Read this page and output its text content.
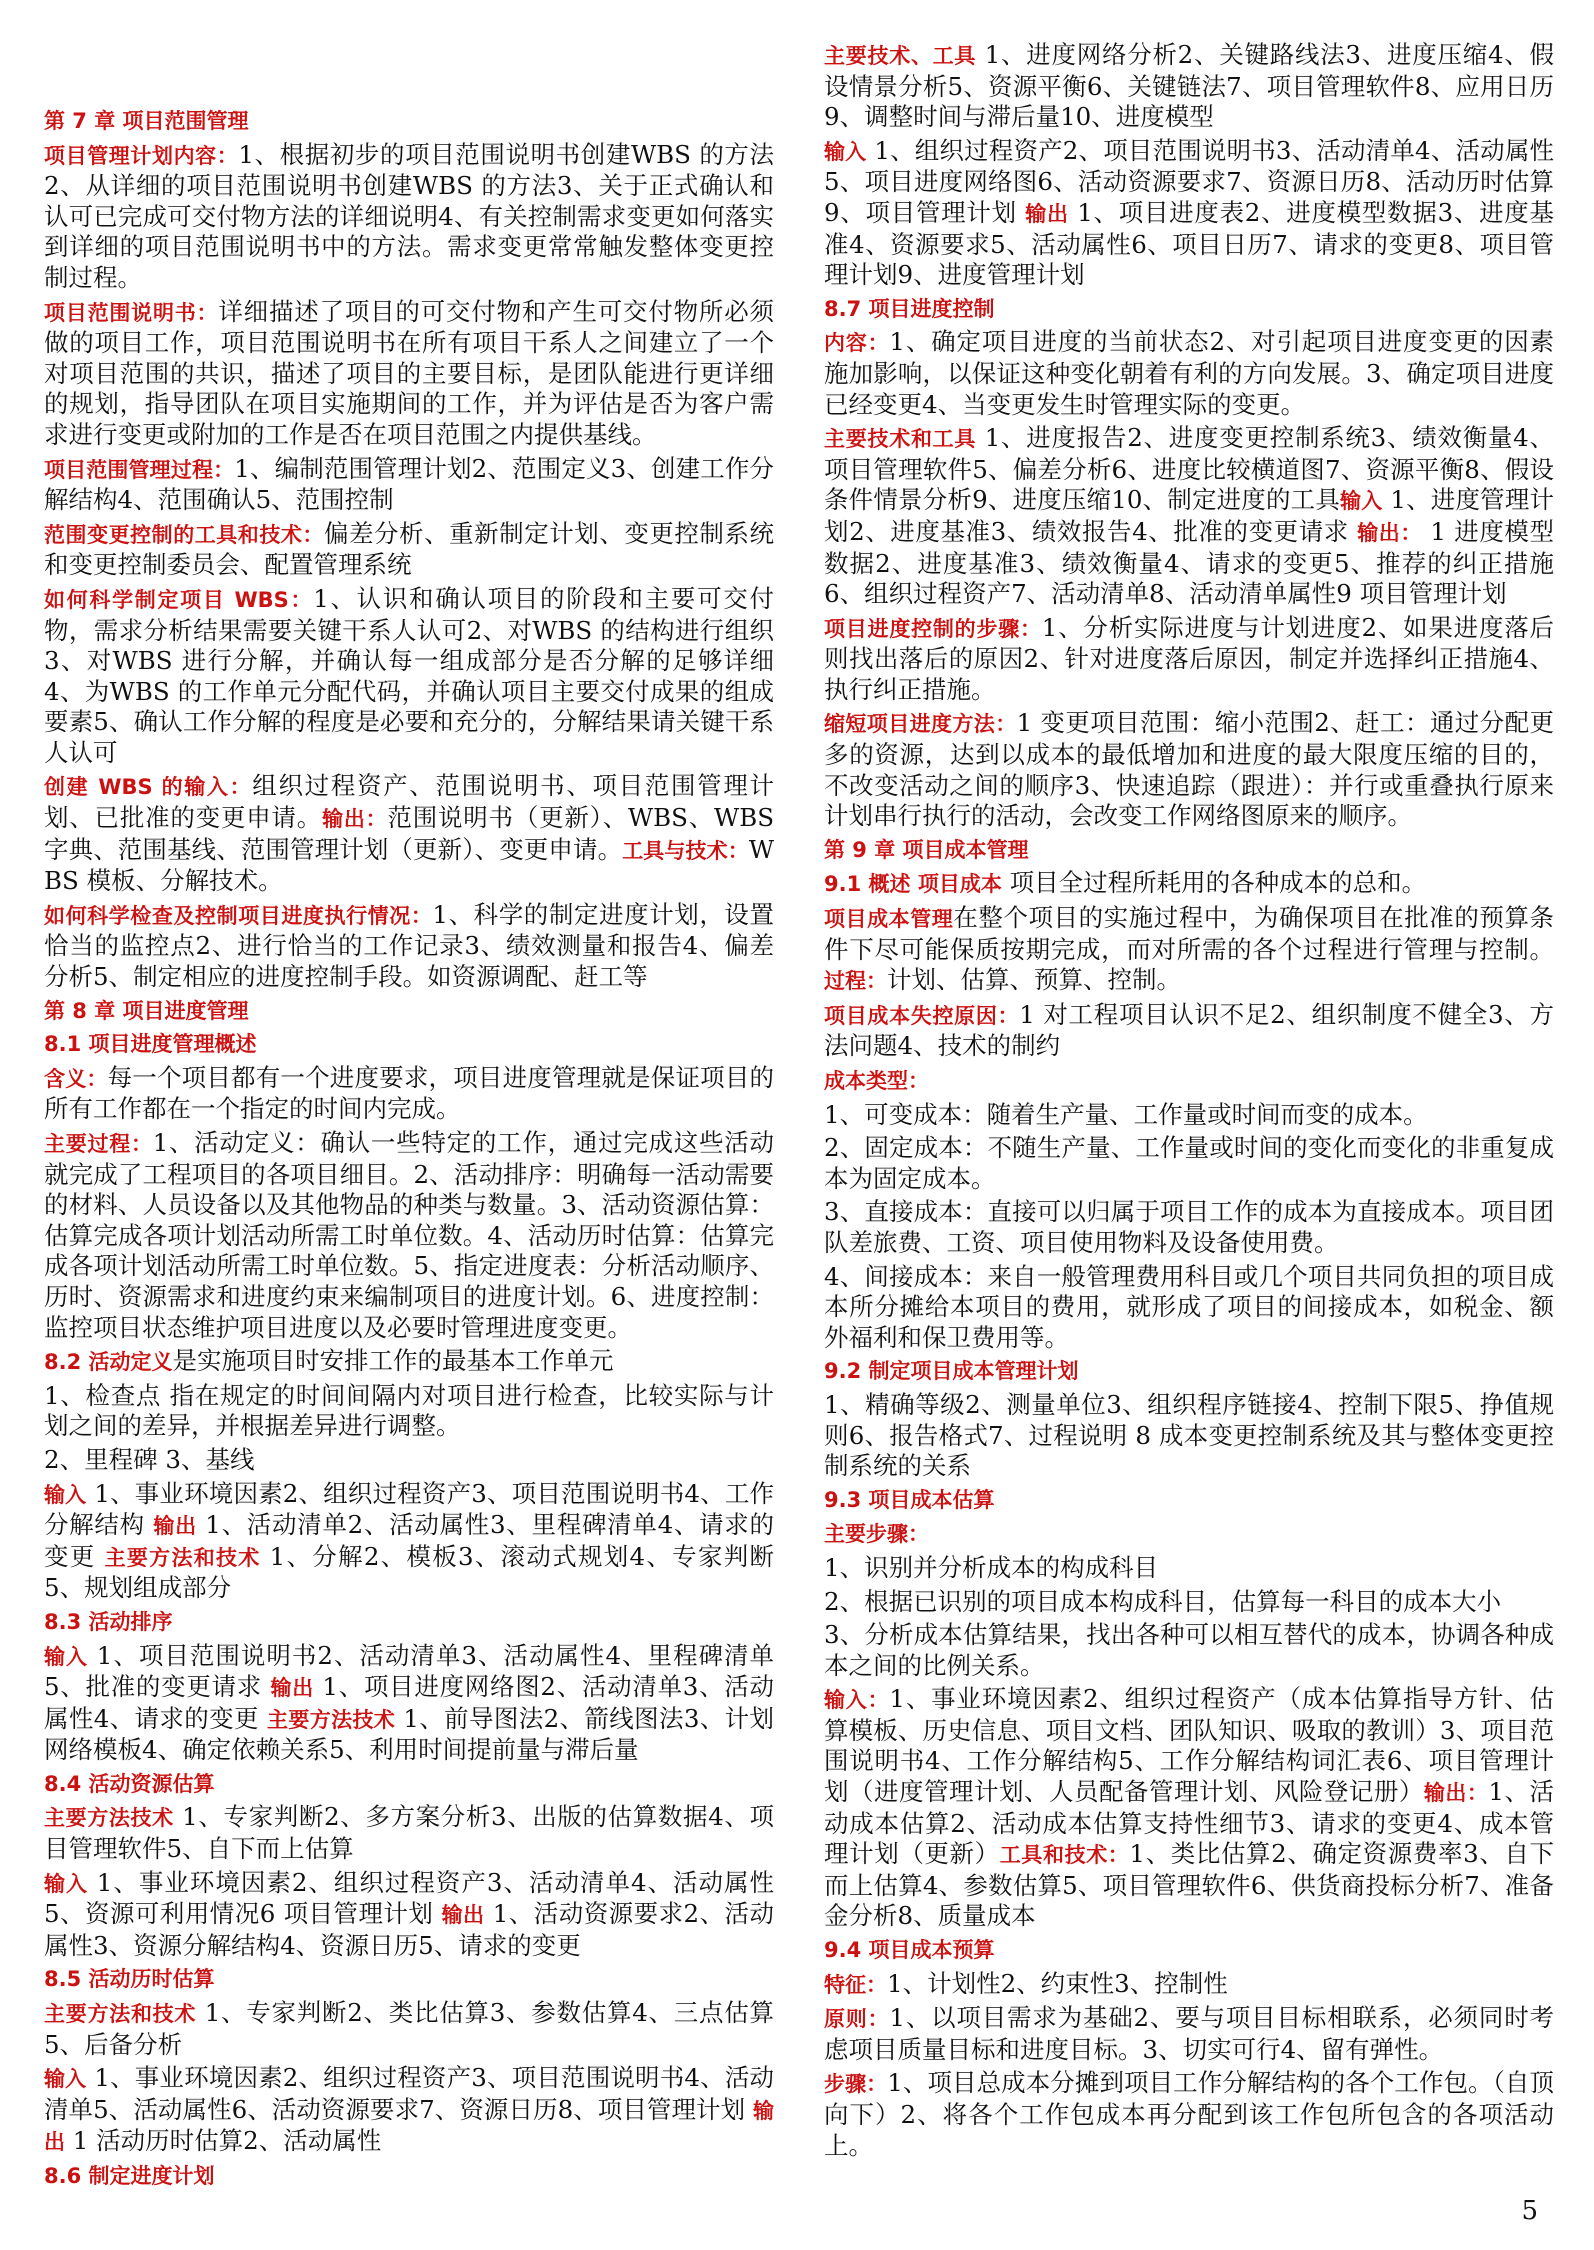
第 7 章 项目范围管理
项目管理计划内容：1、根据初步的项目范围说明书创建WBS 的方法2、从详细的项目范围说明书创建WBS 的方法3、关于正式确认和认可已完成可交付物方法的详细说明4、有关控制需求变更如何落实到详细的项目范围说明书中的方法。需求变更常常触发整体变更控制过程。
项目范围说明书：详细描述了项目的可交付物和产生可交付物所必须做的项目工作，项目范围说明书在所有项目干系人之间建立了一个对项目范围的共识，描述了项目的主要目标，是团队能进行更详细的规划，指导团队在项目实施期间的工作，并为评估是否为客户需求进行变更或附加的工作是否在项目范围之内提供基线。
项目范围管理过程：1、编制范围管理计划2、范围定义3、创建工作分解结构4、范围确认5、范围控制
范围变更控制的工具和技术：偏差分析、重新制定计划、变更控制系统和变更控制委员会、配置管理系统
如何科学制定项目 WBS：1、认识和确认项目的阶段和主要可交付物，需求分析结果需要关键干系人认可2、对WBS 的结构进行组织3、对WBS 进行分解，并确认每一组成部分是否分解的足够详细4、为WBS 的工作单元分配代码，并确认项目主要交付成果的组成要素5、确认工作分解的程度是必要和充分的，分解结果请关键干系人认可
创建 WBS 的输入：组织过程资产、范围说明书、项目范围管理计划、已批准的变更申请。输出：范围说明书（更新）、WBS、WBS 字典、范围基线、范围管理计划（更新）、变更申请。工具与技术：WBS 模板、分解技术。
如何科学检查及控制项目进度执行情况：1、科学的制定进度计划，设置恰当的监控点2、进行恰当的工作记录3、绩效测量和报告4、偏差分析5、制定相应的进度控制手段。如资源调配、赶工等
第 8 章 项目进度管理
8.1 项目进度管理概述
含义：每一个项目都有一个进度要求，项目进度管理就是保证项目的所有工作都在一个指定的时间内完成。
主要过程：1、活动定义：确认一些特定的工作，通过完成这些活动就完成了工程项目的各项目细目。2、活动排序：明确每一活动需要的材料、人员设备以及其他物品的种类与数量。3、活动资源估算：估算完成各项计划活动所需工时单位数。4、活动历时估算：估算完成各项计划活动所需工时单位数。5、指定进度表：分析活动顺序、历时、资源需求和进度约束来编制项目的进度计划。6、进度控制：监控项目状态维护项目进度以及必要时管理进度变更。
8.2 活动定义是实施项目时安排工作的最基本工作单元
1、检查点 指在规定的时间间隔内对项目进行检查，比较实际与计划之间的差异，并根据差异进行调整。
2、里程碑 3、基线
输入 1、事业环境因素2、组织过程资产3、项目范围说明书4、工作分解结构 输出 1、活动清单2、活动属性3、里程碑清单4、请求的变更 主要方法和技术 1、分解2、模板3、滚动式规划4、专家判断5、规划组成部分
8.3 活动排序
输入 1、项目范围说明书2、活动清单3、活动属性4、里程碑清单5、批准的变更请求 输出 1、项目进度网络图2、活动清单3、活动属性4、请求的变更 主要方法技术 1、前导图法2、箭线图法3、计划网络模板4、确定依赖关系5、利用时间提前量与滞后量
8.4 活动资源估算
主要方法技术 1、专家判断2、多方案分析3、出版的估算数据4、项目管理软件5、自下而上估算
输入 1、事业环境因素2、组织过程资产3、活动清单4、活动属性5、资源可利用情况6 项目管理计划 输出 1、活动资源要求2、活动属性3、资源分解结构4、资源日历5、请求的变更
8.5 活动历时估算
主要方法和技术 1、专家判断2、类比估算3、参数估算4、三点估算5、后备分析
输入 1、事业环境因素2、组织过程资产3、项目范围说明书4、活动清单5、活动属性6、活动资源要求7、资源日历8、项目管理计划 输出 1 活动历时估算2、活动属性
8.6 制定进度计划
主要技术、工具 1、进度网络分析2、关键路线法3、进度压缩4、假设情景分析5、资源平衡6、关键链法7、项目管理软件8、应用日历9、调整时间与滞后量10、进度模型
输入 1、组织过程资产2、项目范围说明书3、活动清单4、活动属性5、项目进度网络图6、活动资源要求7、资源日历8、活动历时估算9、项目管理计划 输出 1、项目进度表2、进度模型数据3、进度基准4、资源要求5、活动属性6、项目日历7、请求的变更8、项目管理计划9、进度管理计划
8.7 项目进度控制
内容：1、确定项目进度的当前状态2、对引起项目进度变更的因素施加影响，以保证这种变化朝着有利的方向发展。3、确定项目进度已经变更4、当变更发生时管理实际的变更。
主要技术和工具 1、进度报告2、进度变更控制系统3、绩效衡量4、项目管理软件5、偏差分析6、进度比较横道图7、资源平衡8、假设条件情景分析9、进度压缩10、制定进度的工具输入 1、进度管理计划2、进度基准3、绩效报告4、批准的变更请求 输出： 1 进度模型数据2、进度基准3、绩效衡量4、请求的变更5、推荐的纠正措施6、组织过程资产7、活动清单8、活动清单属性9 项目管理计划
项目进度控制的步骤：1、分析实际进度与计划进度2、如果进度落后则找出落后的原因2、针对进度落后原因，制定并选择纠正措施4、执行纠正措施。
缩短项目进度方法：1 变更项目范围：缩小范围2、赶工：通过分配更多的资源，达到以成本的最低增加和进度的最大限度压缩的目的，不改变活动之间的顺序3、快速追踪（跟进）：并行或重叠执行原来计划串行执行的活动，会改变工作网络图原来的顺序。
第 9 章 项目成本管理
9.1 概述 项目成本 项目全过程所耗用的各种成本的总和。
项目成本管理在整个项目的实施过程中，为确保项目在批准的预算条件下尽可能保质按期完成，而对所需的各个过程进行管理与控制。过程：计划、估算、预算、控制。
项目成本失控原因：1 对工程项目认识不足2、组织制度不健全3、方法问题4、技术的制约
成本类型：
1、可变成本：随着生产量、工作量或时间而变的成本。
2、固定成本：不随生产量、工作量或时间的变化而变化的非重复成本为固定成本。
3、直接成本：直接可以归属于项目工作的成本为直接成本。项目团队差旅费、工资、项目使用物料及设备使用费。
4、间接成本：来自一般管理费用科目或几个项目共同负担的项目成本所分摊给本项目的费用，就形成了项目的间接成本，如税金、额外福利和保卫费用等。
9.2 制定项目成本管理计划
1、精确等级2、测量单位3、组织程序链接4、控制下限5、挣值规则6、报告格式7、过程说明 8 成本变更控制系统及其与整体变更控制系统的关系
9.3 项目成本估算
主要步骤：
1、识别并分析成本的构成科目
2、根据已识别的项目成本构成科目，估算每一科目的成本大小
3、分析成本估算结果，找出各种可以相互替代的成本，协调各种成本之间的比例关系。
输入：1、事业环境因素2、组织过程资产（成本估算指导方针、估算模板、历史信息、项目文档、团队知识、吸取的教训）3、项目范围说明书4、工作分解结构5、工作分解结构词汇表6、项目管理计划（进度管理计划、人员配备管理计划、风险登记册）输出：1、活动成本估算2、活动成本估算支持性细节3、请求的变更4、成本管理计划（更新）工具和技术：1、类比估算2、确定资源费率3、自下而上估算4、参数估算5、项目管理软件6、供货商投标分析7、准备金分析8、质量成本
9.4 项目成本预算
特征：1、计划性2、约束性3、控制性
原则：1、以项目需求为基础2、要与项目目标相联系，必须同时考虑项目质量目标和进度目标。3、切实可行4、留有弹性。
步骤：1、项目总成本分摊到项目工作分解结构的各个工作包。（自顶向下）2、将各个工作包成本再分配到该工作包所包含的各项活动上。
5
